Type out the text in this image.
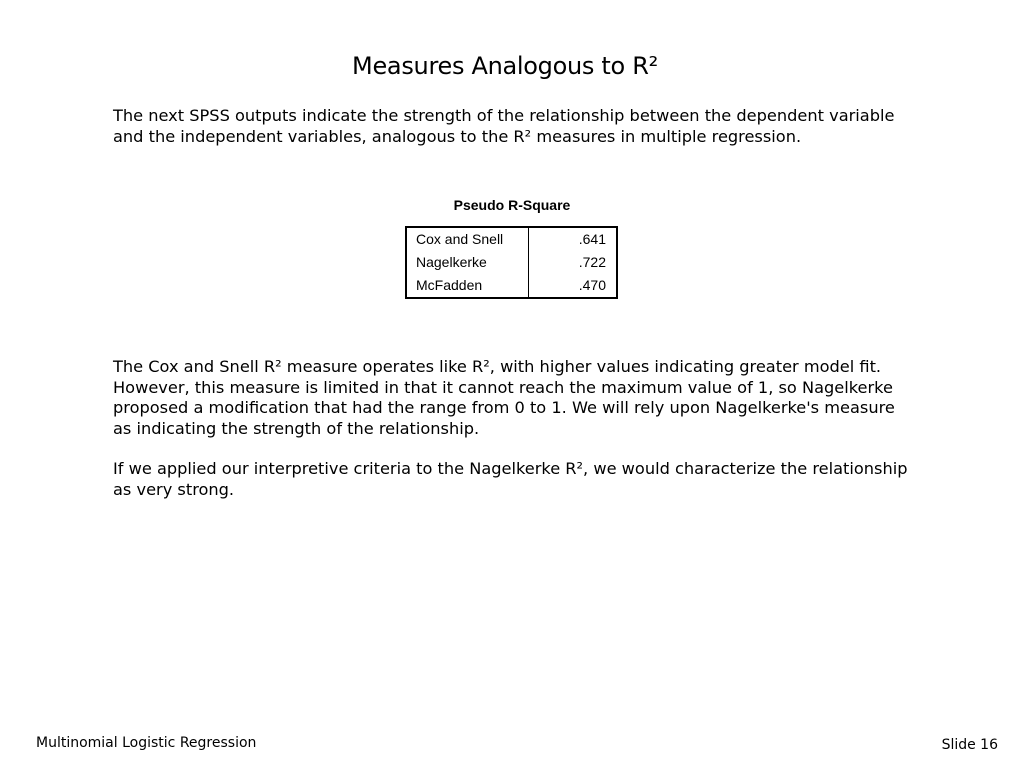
Measures Analogous to R²

The next SPSS outputs indicate the strength of the relationship between the dependent variable and the independent variables, analogous to the R² measures in multiple regression.

Pseudo R-Square
Cox and Snell	.641
Nagelkerke	.722
McFadden	.470

The Cox and Snell R² measure operates like R², with higher values indicating greater model fit. However, this measure is limited in that it cannot reach the maximum value of 1, so Nagelkerke proposed a modification that had the range from 0 to 1. We will rely upon Nagelkerke's measure as indicating the strength of the relationship.

If we applied our interpretive criteria to the Nagelkerke R², we would characterize the relationship as very strong.

Multinomial Logistic Regression	Slide 16
